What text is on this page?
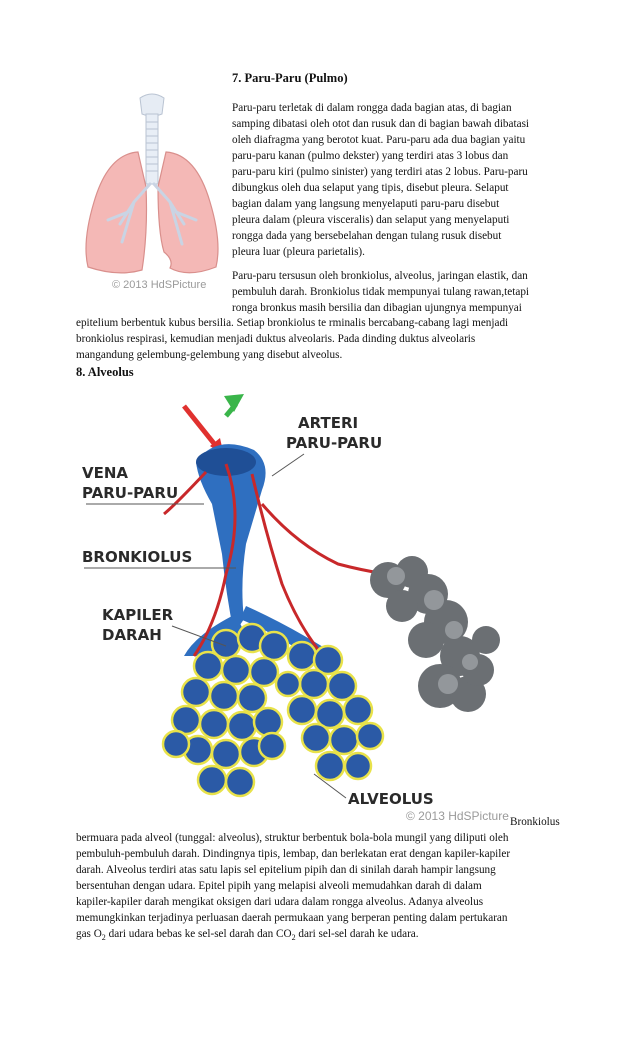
7. Paru-Paru (Pulmo)
© 2013 HdSPicture

Paru-paru terletak di dalam rongga dada bagian atas, di bagian
samping dibatasi oleh otot dan rusuk dan di bagian bawah dibatasi
oleh diafragma yang berotot kuat. Paru-paru ada dua bagian yaitu
paru-paru kanan (pulmo dekster) yang terdiri atas 3 lobus dan
paru-paru kiri (pulmo sinister) yang terdiri atas 2 lobus. Paru-paru
dibungkus oleh dua selaput yang tipis, disebut pleura. Selaput
bagian dalam yang langsung menyelaputi paru-paru disebut
pleura dalam (pleura visceralis) dan selaput yang menyelaputi
rongga dada yang bersebelahan dengan tulang rusuk disebut
pleura luar (pleura parietalis).

Paru-paru tersusun oleh bronkiolus, alveolus, jaringan elastik, dan
pembuluh darah. Bronkiolus tidak mempunyai tulang rawan,tetapi
ronga bronkus masih bersilia dan dibagian ujungnya mempunyai

epitelium berbentuk kubus bersilia. Setiap bronkiolus te rminalis bercabang-cabang lagi menjadi
bronkiolus respirasi, kemudian menjadi duktus alveolaris. Pada dinding duktus alveolaris
mangandung gelembung-gelembung yang disebut alveolus.

8. Alveolus
ARTERI
PARU-PARU
VENA
PARU-PARU
BRONKIOLUS
KAPILER
DARAH
ALVEOLUS
© 2013 HdSPicture Bronkiolus

bermuara pada alveol (tunggal: alveolus), struktur berbentuk bola-bola mungil yang diliputi oleh
pembuluh-pembuluh darah. Dindingnya tipis, lembap, dan berlekatan erat dengan kapiler-kapiler
darah. Alveolus terdiri atas satu lapis sel epitelium pipih dan di sinilah darah hampir langsung
bersentuhan dengan udara. Epitel pipih yang melapisi alveoli memudahkan darah di dalam
kapiler-kapiler darah mengikat oksigen dari udara dalam rongga alveolus. Adanya alveolus
memungkinkan terjadinya perluasan daerah permukaan yang berperan penting dalam pertukaran
gas $O_2$ dari udara bebas ke sel-sel darah dan $CO_2$ dari sel-sel darah ke udara.
